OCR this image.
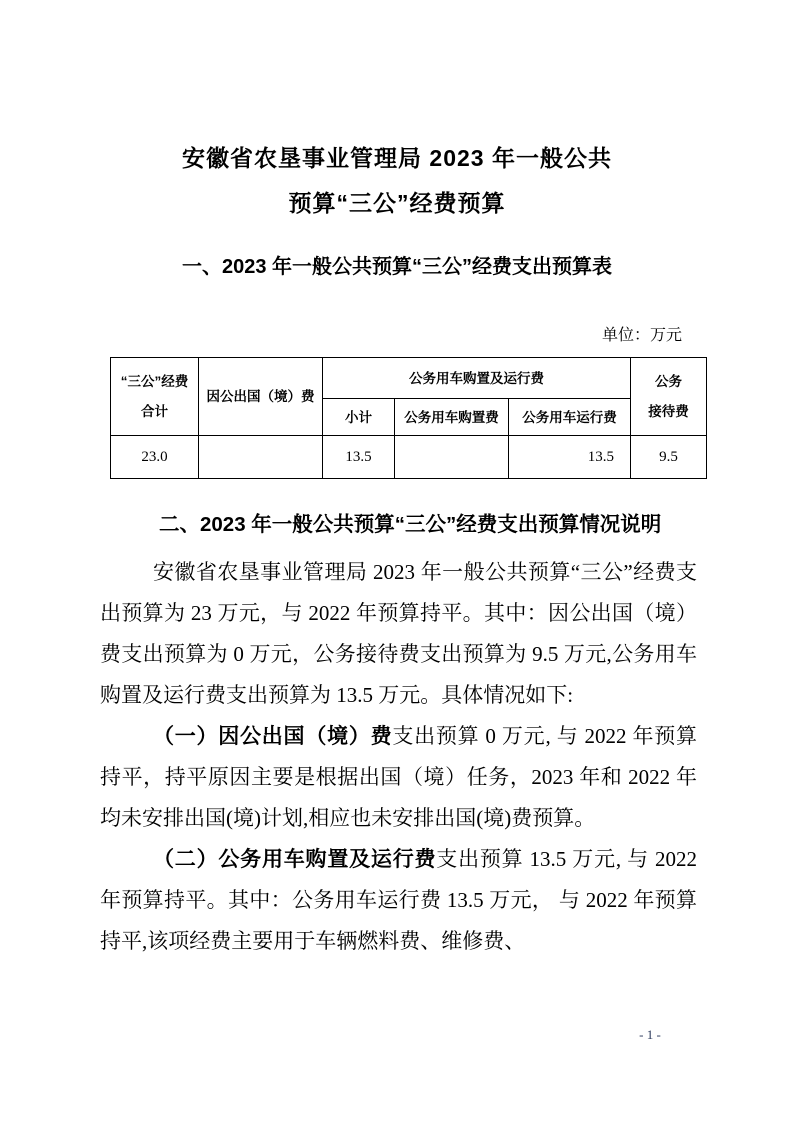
安徽省农垦事业管理局 2023 年一般公共
预算“三公”经费预算
一、2023 年一般公共预算“三公”经费支出预算表
单位：万元
“三公”经费
合计	因公出国（境）费	公务用车购置及运行费			公务
接待费

		小计	公务用车购置费	公务用车运行费	
23.0		13.5		13.5	9.5
二、2023 年一般公共预算“三公”经费支出预算情况说明

安徽省农垦事业管理局 2023 年一般公共预算“三公”经费支出预算为 23 万元，与 2022 年预算持平。其中：因公出国（境）费支出预算为 0 万元，公务接待费支出预算为 9.5 万元,公务用车购置及运行费支出预算为 13.5 万元。具体情况如下:

（一）因公出国（境）费支出预算 0 万元, 与 2022 年预算持平，持平原因主要是根据出国（境）任务，2023 年和 2022 年均未安排出国(境)计划,相应也未安排出国(境)费预算。

（二）公务用车购置及运行费支出预算 13.5 万元, 与 2022 年预算持平。其中：公务用车运行费 13.5 万元， 与 2022 年预算持平,该项经费主要用于车辆燃料费、维修费、

- 1 -
